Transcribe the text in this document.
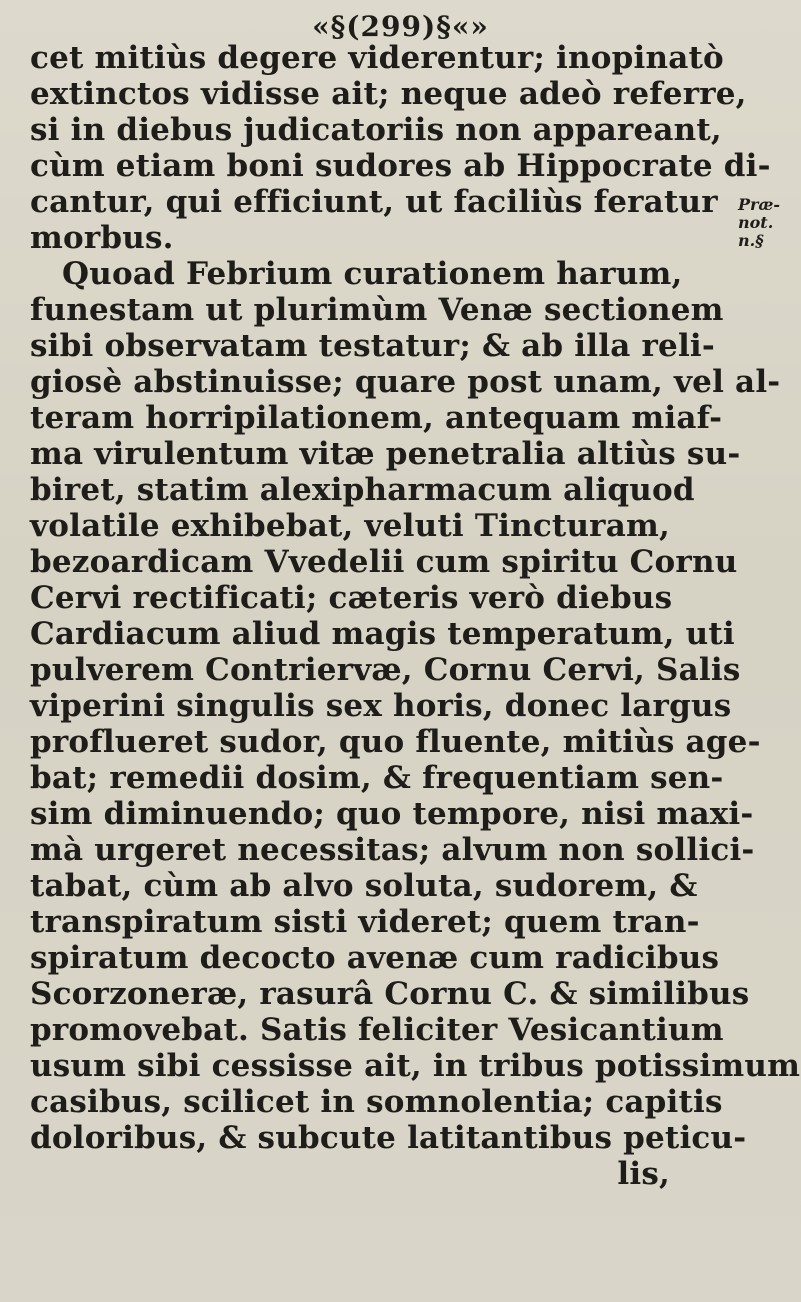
«§(299)§«»
cet mitiùs degere viderentur; inopinatò
extinctos vidisse ait; neque adeò referre,
si in diebus judicatoriis non appareant,
cùm etiam boni sudores ab Hippocrate di-
cantur, qui efficiunt, ut faciliùs feratur
morbus.
Quoad Febrium curationem harum,
funestam ut plurimùm Venæ sectionem
sibi observatam testatur; & ab illa reli-
giosè abstinuisse; quare post unam, vel al-
teram horripilationem, antequam miaf-
ma virulentum vitæ penetralia altiùs su-
biret, statim alexipharmacum aliquod
volatile exhibebat, veluti Tincturam,
bezoardicam Vvedelii cum spiritu Cornu
Cervi rectificati; cæteris verò diebus
Cardiacum aliud magis temperatum, uti
pulverem Contriervæ, Cornu Cervi, Salis
viperini singulis sex horis, donec largus
proflueret sudor, quo fluente, mitiùs age-
bat; remedii dosim, & frequentiam sen-
sim diminuendo; quo tempore, nisi maxi-
mà urgeret necessitas; alvum non sollici-
tabat, cùm ab alvo soluta, sudorem, &
transpiratum sisti videret; quem tran-
spiratum decocto avenæ cum radicibus
Scorzoneræ, rasurâ Cornu C. & similibus
promovebat. Satis feliciter Vesicantium
usum sibi cessisse ait, in tribus potissimum
casibus, scilicet in somnolentia; capitis
doloribus, & subcute latitantibus peticu-
lis,
Præ-
not. n.§
